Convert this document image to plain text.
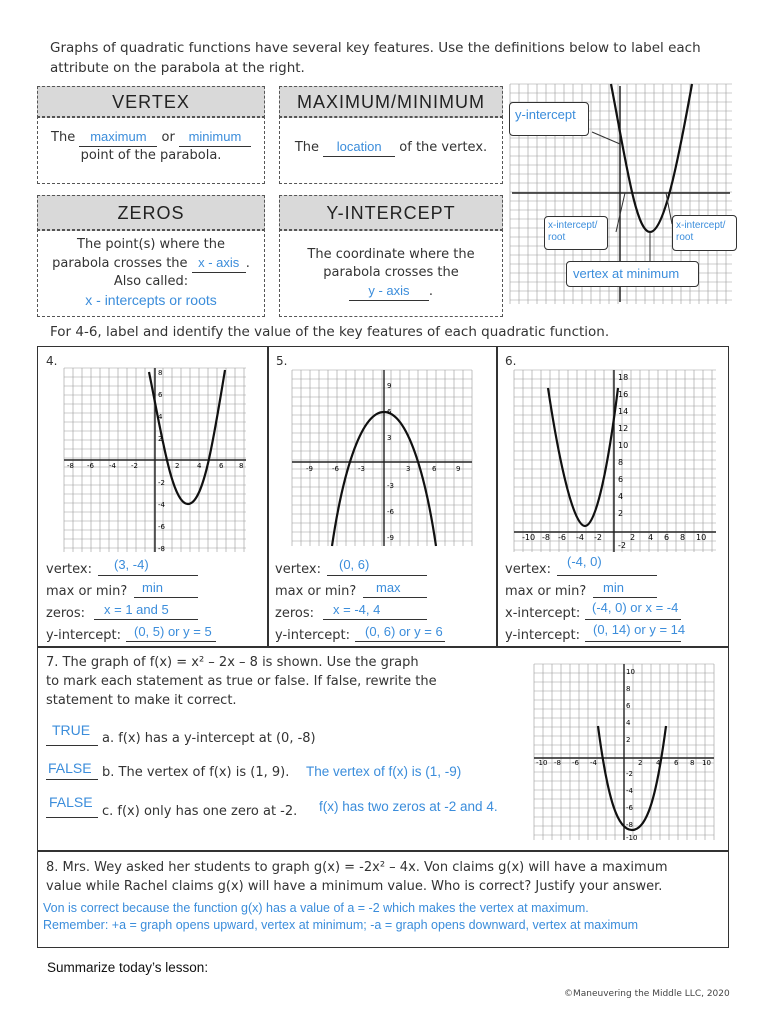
Graphs of quadratic functions have several key features. Use the definitions below to label each attribute on the parabola at the right.
VERTEX
The maximum or minimum
point of the parabola.
MAXIMUM/MINIMUM
The location of the vertex.
ZEROS
The point(s) where the
parabola crosses the x - axis .
Also called:
x - intercepts or roots
Y-INTERCEPT
The coordinate where the
parabola crosses the
y - axis .
y-intercept
x-intercept/ root
x-intercept/ root
vertex at minimum
For 4-6, label and identify the value of the key features of each quadratic function.
4.	5.	6.
-8 -6 -4 -2	2	4	6 8
8
6
4
2
-2
-4
-6
-8
-9	-6	-3	3	6	9
9
6
3
-3
-6
-9	-10 -8 -6 -4 -2	2 4 6 8 10
18
16
14
12
10
8
6
4
2
-2
vertex: (3, -4)
max or min? min
zeros: x = 1 and 5
y-intercept: (0, 5) or y = 5
vertex: (0, 6)
max or min? max
zeros: x = -4, 4
y-intercept: (0, 6) or y = 6
vertex:
(-4, 0)
max or min? min
x-intercept: (-4, 0) or x = -4
y-intercept: (0, 14) or y = 14
7. The graph of f(x) = x² – 2x – 8 is shown. Use the graph
to mark each statement as true or false. If false, rewrite the
statement to make it correct.
TRUE
a. f(x) has a y-intercept at (0, -8)
FALSE b. The vertex of f(x) is (1, 9). The vertex of f(x) is (1, -9)
FALSE
c. f(x) only has one zero at -2. f(x) has two zeros at -2 and 4.
-10 -8 -6 -4	2 4 6 8 10
10
8
6
4
2
-2
-4
-6
-8
-10
8. Mrs. Wey asked her students to graph g(x) = -2x² – 4x. Von claims g(x) will have a maximum
value while Rachel claims g(x) will have a minimum value. Who is correct? Justify your answer.
Von is correct because the function g(x) has a value of a = -2 which makes the vertex at maximum.
Remember: +a = graph opens upward, vertex at minimum; -a = graph opens downward, vertex at maximum
Summarize today’s lesson:
©Maneuvering the Middle LLC, 2020
